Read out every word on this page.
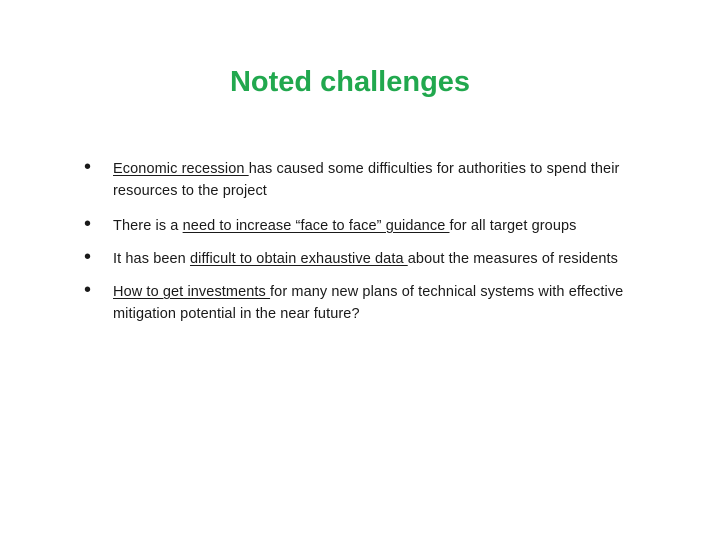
Noted challenges
• Economic recession has caused some difficulties for authorities to spend their resources to the project
• There is a need to increase “face to face” guidance for all target groups
• It has been difficult to obtain exhaustive data about the measures of residents
• How to get investments for many new plans of technical systems with effective mitigation potential in the near future?
